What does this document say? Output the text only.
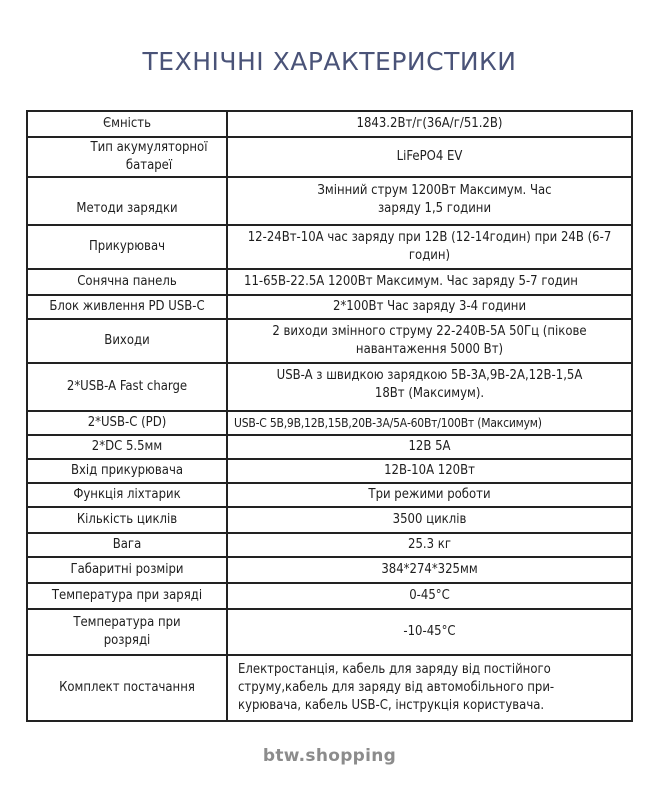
ТЕХНІЧНІ ХАРАКТЕРИСТИКИ
Ємність	1843.2Вт/г(36А/г/51.2В)
Тип акумуляторної батареї	LiFePO4 EV
Методи зарядки	Змінний струм 1200Вт Максимум. Час заряду 1,5 години
Прикурювач	12-24Вт-10А час заряду при 12В (12-14годин) при 24В (6-7 годин)
Сонячна панель	11-65В-22.5А 1200Вт Максимум. Час заряду 5-7 годин
Блок живлення PD USB-C	2*100Вт Час заряду 3-4 години
Виходи	2 виходи змінного струму 22-240В-5А 50Гц (пікове навантаження 5000 Вт)
2*USB-A Fast charge	USB-A з швидкою зарядкою 5В-3А,9В-2А,12В-1,5А 18Вт (Максимум).
2*USB-C (PD)	USB-C 5В,9В,12В,15В,20В-3А/5А-60Вт/100Вт (Максимум)
2*DC 5.5мм	12В 5А
Вхід прикурювача	12В-10А 120Вт
Функція ліхтарик	Три режими роботи
Кількість циклів	3500 циклів
Вага	25.3 кг
Габаритні розміри	384*274*325мм
Температура при заряді	0-45°С
Температура при розряді	-10-45°С
Комплект постачання	Електростанція, кабель для заряду від постійного струму,кабель для заряду від автомобільного при-курювача, кабель USB-C, інструкція користувача.
btw.shopping
